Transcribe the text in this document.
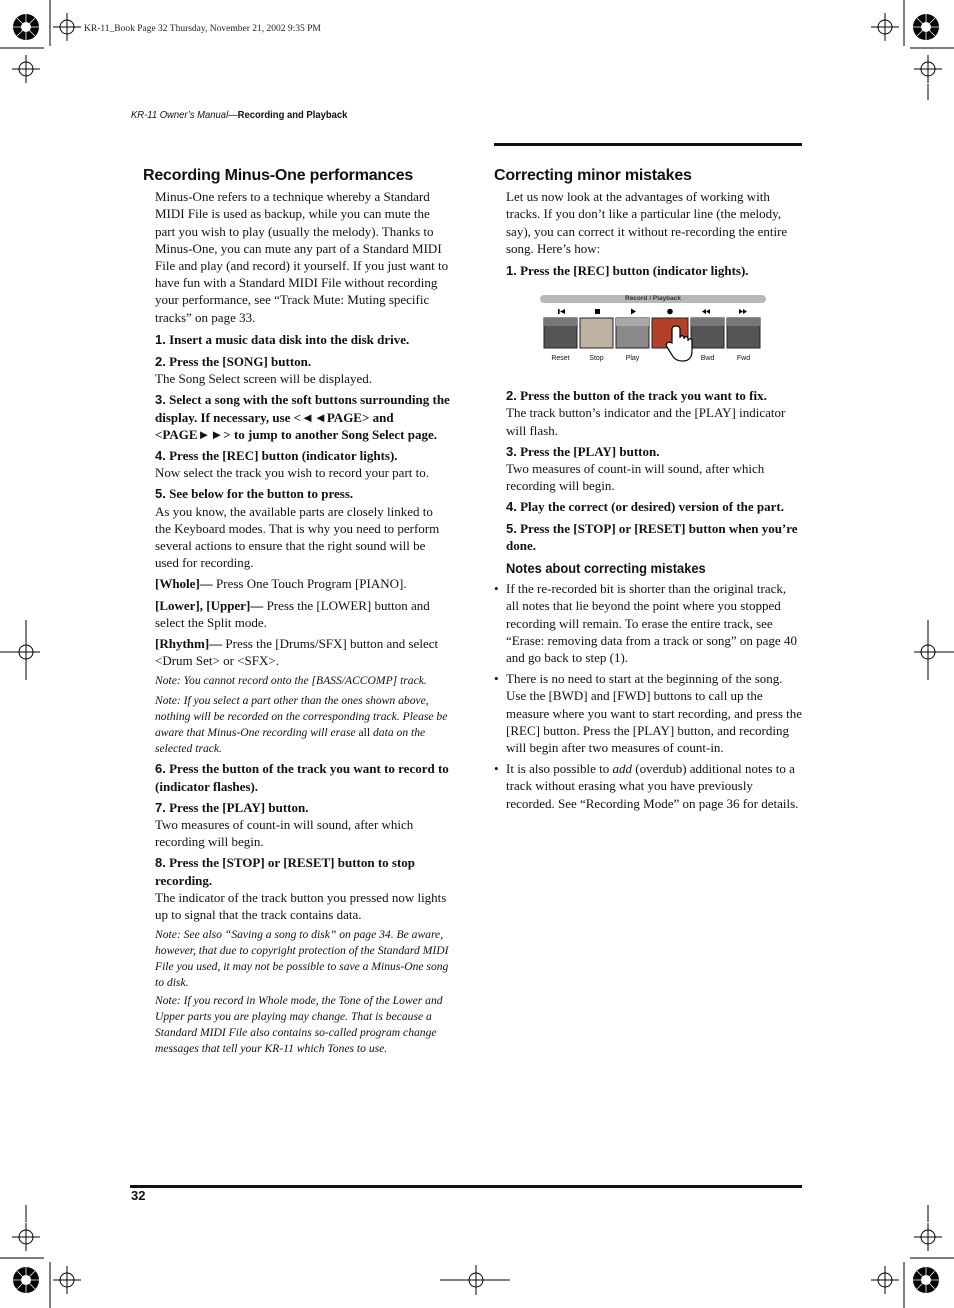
KR-11_Book Page 32 Thursday, November 21, 2002 9:35 PM
KR-11 Owner’s Manual—Recording and Playback
Recording Minus-One performances

Minus-One refers to a technique whereby a Standard MIDI File is used as backup, while you can mute the part you wish to play (usually the melody). Thanks to Minus-One, you can mute any part of a Standard MIDI File and play (and record) it yourself. If you just want to have fun with a Standard MIDI File without recording your performance, see “Track Mute: Muting specific tracks” on page 33.

1. Insert a music data disk into the disk drive.

2. Press the [SONG] button.

The Song Select screen will be displayed.

3. Select a song with the soft buttons surrounding the display. If necessary, use <◄◄PAGE> and <PAGE►►> to jump to another Song Select page.

4. Press the [REC] button (indicator lights).

Now select the track you wish to record your part to.

5. See below for the button to press.

As you know, the available parts are closely linked to the Keyboard modes. That is why you need to perform several actions to ensure that the right sound will be used for recording.

[Whole]— Press One Touch Program [PIANO].

[Lower], [Upper]— Press the [LOWER] button and select the Split mode.

[Rhythm]— Press the [Drums/SFX] button and select <Drum Set> or <SFX>.

Note: You cannot record onto the [BASS/ACCOMP] track.

Note: If you select a part other than the ones shown above, nothing will be recorded on the corresponding track. Please be aware that Minus-One recording will erase all data on the selected track.

6. Press the button of the track you want to record to (indicator flashes).

7. Press the [PLAY] button.

Two measures of count-in will sound, after which recording will begin.

8. Press the [STOP] or [RESET] button to stop recording.

The indicator of the track button you pressed now lights up to signal that the track contains data.

Note: See also “Saving a song to disk” on page 34. Be aware, however, that due to copyright protection of the Standard MIDI File you used, it may not be possible to save a Minus-One song to disk.

Note: If you record in Whole mode, the Tone of the Lower and Upper parts you are playing may change. That is because a Standard MIDI File also contains so-called program change messages that tell your KR-11 which Tones to use.

Correcting minor mistakes

Let us now look at the advantages of working with tracks. If you don’t like a particular line (the melody, say), you can correct it without re-recording the entire song. Here’s how:

1. Press the [REC] button (indicator lights).

Record / Playback
Reset	Stop	Play	Bwd	Fwd

2. Press the button of the track you want to fix.

The track button’s indicator and the [PLAY] indicator will flash.

3. Press the [PLAY] button.

Two measures of count-in will sound, after which recording will begin.

4. Play the correct (or desired) version of the part.

5. Press the [STOP] or [RESET] button when you’re done.

Notes about correcting mistakes
• If the re-recorded bit is shorter than the original track, all notes that lie beyond the point where you stopped recording will remain. To erase the entire track, see “Erase: removing data from a track or song” on page 40 and go back to step (1).
• There is no need to start at the beginning of the song. Use the [BWD] and [FWD] buttons to call up the measure where you want to start recording, and press the [REC] button. Press the [PLAY] button, and recording will begin after two measures of count-in.
• It is also possible to add (overdub) additional notes to a track without erasing what you have previously recorded. See “Recording Mode” on page 36 for details.
32
